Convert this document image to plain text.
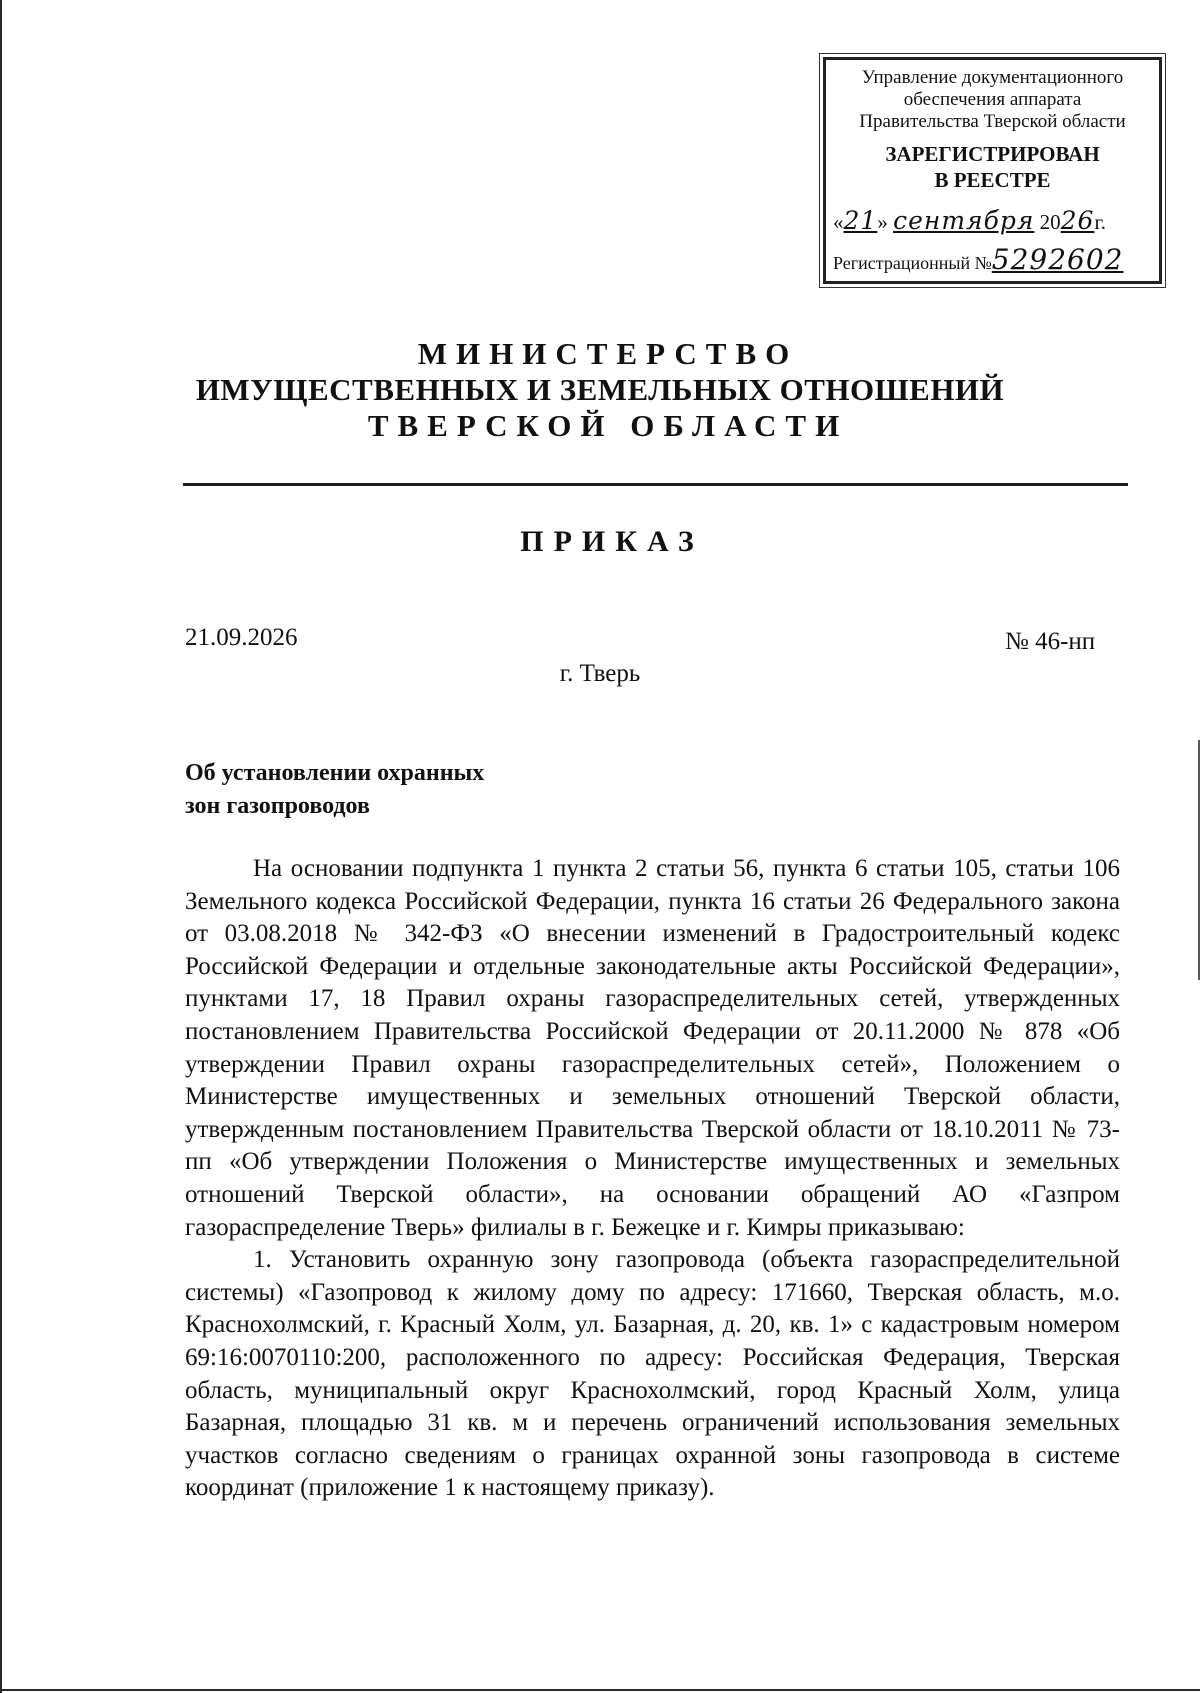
Управление документационного
обеспечения аппарата
Правительства Тверской области
ЗАРЕГИСТРИРОВАН
В РЕЕСТРЕ
«21» сентября 2026г.
Регистрационный №5292602
МИНИСТЕРСТВО
ИМУЩЕСТВЕННЫХ И ЗЕМЕЛЬНЫХ ОТНОШЕНИЙ
ТВЕРСКОЙ ОБЛАСТИ
ПРИКАЗ
21.09.2026	№ 46-нп
г. Тверь
Об установлении охранных
зон газопроводов

На основании подпункта 1 пункта 2 статьи 56, пункта 6 статьи 105, статьи 106 Земельного кодекса Российской Федерации, пункта 16 статьи 26 Федерального закона от 03.08.2018 № 342-ФЗ «О внесении изменений в Градостроительный кодекс Российской Федерации и отдельные законодательные акты Российской Федерации», пунктами 17, 18 Правил охраны газораспределительных сетей, утвержденных постановлением Правительства Российской Федерации от 20.11.2000 № 878 «Об утверждении Правил охраны газораспределительных сетей», Положением о Министерстве имущественных и земельных отношений Тверской области, утвержденным постановлением Правительства Тверской области от 18.10.2011 № 73-пп «Об утверждении Положения о Министерстве имущественных и земельных отношений Тверской области», на основании обращений АО «Газпром газораспределение Тверь» филиалы в г. Бежецке и г. Кимры приказываю:

1. Установить охранную зону газопровода (объекта газораспределительной системы) «Газопровод к жилому дому по адресу: 171660, Тверская область, м.о. Краснохолмский, г. Красный Холм, ул. Базарная, д. 20, кв. 1» с кадастровым номером 69:16:0070110:200, расположенного по адресу: Российская Федерация, Тверская область, муниципальный округ Краснохолмский, город Красный Холм, улица Базарная, площадью 31 кв. м и перечень ограничений использования земельных участков согласно сведениям о границах охранной зоны газопровода в системе координат (приложение 1 к настоящему приказу).
